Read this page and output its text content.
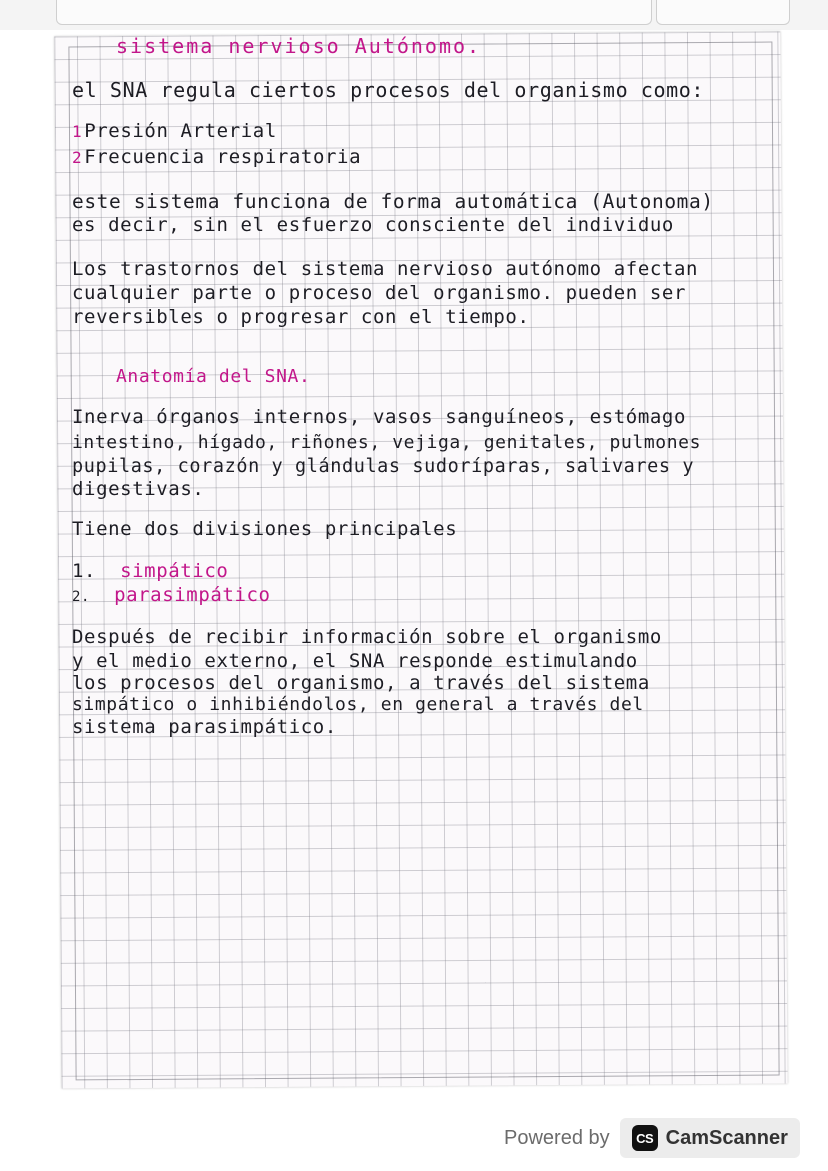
sistema nervioso Autónomo.
el SNA regula ciertos procesos del organismo como:
1 Presión Arterial
2 Frecuencia respiratoria
este sistema funciona de forma automática (Autonoma)
es decir, sin el esfuerzo consciente del individuo
Los trastornos del sistema nervioso autónomo afectan
cualquier parte o proceso del organismo. pueden ser
reversibles o progresar con el tiempo.
Anatomía del SNA.
Inerva órganos internos, vasos sanguíneos, estómago
intestino, hígado, riñones, vejiga, genitales, pulmones
pupilas, corazón y glándulas sudoríparas, salivares y
digestivas.
Tiene dos divisiones principales
1. simpático
2. parasimpático
Después de recibir información sobre el organismo
y el medio externo, el SNA responde estimulando
los procesos del organismo, a través del sistema
simpático o inhibiéndolos, en general a través del
sistema parasimpático.
Powered by	CS CamScanner
